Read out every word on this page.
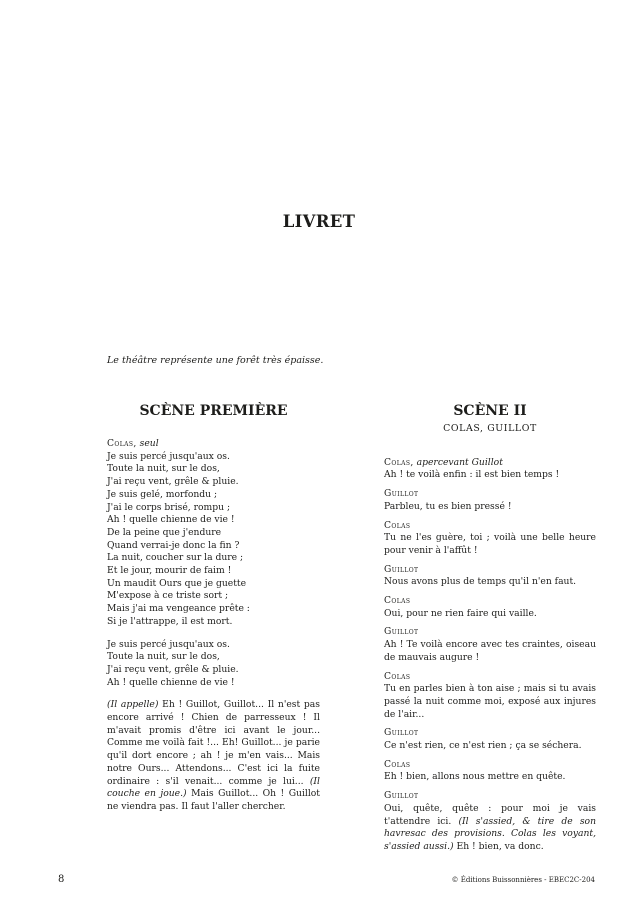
LIVRET
Le théâtre représente une forêt très épaisse.
SCÈNE PREMIÈRE
Colas, seul
Je suis percé jusqu'aux os.
Toute la nuit, sur le dos,
J'ai reçu vent, grêle & pluie.
Je suis gelé, morfondu ;
J'ai le corps brisé, rompu ;
Ah ! quelle chienne de vie !
De la peine que j'endure
Quand verrai-je donc la fin ?
La nuit, coucher sur la dure ;
Et le jour, mourir de faim !
Un maudit Ours que je guette
M'expose à ce triste sort ;
Mais j'ai ma vengeance prête :
Si je l'attrappe, il est mort.
Je suis percé jusqu'aux os.
Toute la nuit, sur le dos,
J'ai reçu vent, grêle & pluie.
Ah ! quelle chienne de vie !
(Il appelle) Eh ! Guillot, Guillot... Il n'est pas encore arrivé ! Chien de parresseux ! Il m'avait promis d'être ici avant le jour... Comme me voilà fait !... Eh! Guillot... je parie qu'il dort encore ; ah ! je m'en vais... Mais notre Ours... Attendons... C'est ici la fuite ordinaire : s'il venait... comme je lui... (Il couche en joue.) Mais Guillot... Oh ! Guillot ne viendra pas. Il faut l'aller chercher.
SCÈNE II
COLAS, GUILLOT
Colas, apercevant Guillot
Ah ! te voilà enfin : il est bien temps !
Guillot
Parbleu, tu es bien pressé !
Colas
Tu ne l'es guère, toi ; voilà une belle heure pour venir à l'affût !
Guillot
Nous avons plus de temps qu'il n'en faut.
Colas
Oui, pour ne rien faire qui vaille.
Guillot
Ah ! Te voilà encore avec tes craintes, oiseau de mauvais augure !
Colas
Tu en parles bien à ton aise ; mais si tu avais passé la nuit comme moi, exposé aux injures de l'air...
Guillot
Ce n'est rien, ce n'est rien ; ça se séchera.
Colas
Eh ! bien, allons nous mettre en quête.
Guillot
Oui, quête, quête : pour moi je vais t'attendre ici. (Il s'assied, & tire de son havresac des provisions. Colas les voyant, s'assied aussi.) Eh ! bien, va donc.
8	© Éditions Buissonnières - EBEC2C-204
